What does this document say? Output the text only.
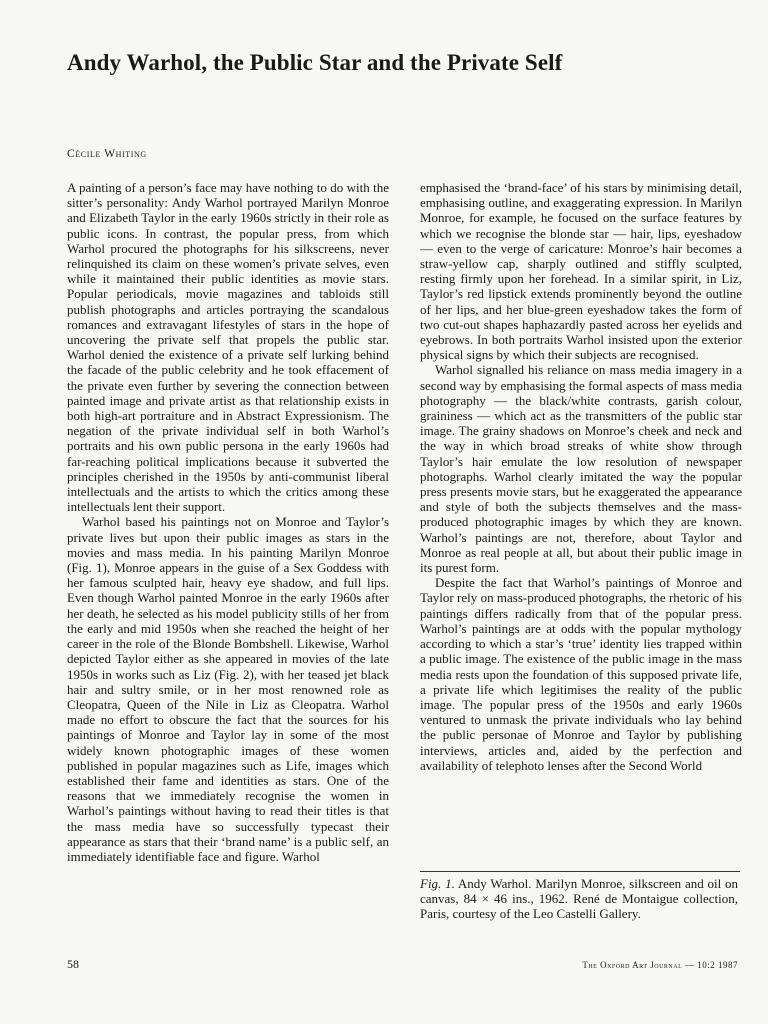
Andy Warhol, the Public Star and the Private Self
Cécile Whiting

A painting of a person’s face may have nothing to do with the sitter’s personality: Andy Warhol portrayed Marilyn Monroe and Elizabeth Taylor in the early 1960s strictly in their role as public icons. In contrast, the popular press, from which Warhol procured the photographs for his silkscreens, never relinquished its claim on these women’s private selves, even while it maintained their public identities as movie stars. Popular periodicals, movie magazines and tabloids still publish photographs and articles portraying the scandalous romances and extravagant lifestyles of stars in the hope of uncovering the private self that propels the public star. Warhol denied the existence of a private self lurking behind the facade of the public celebrity and he took effacement of the private even further by severing the connection between painted image and private artist as that relationship exists in both high-art portraiture and in Abstract Expressionism. The negation of the private individual self in both Warhol’s portraits and his own public persona in the early 1960s had far-reaching political implications because it subverted the principles cherished in the 1950s by anti-communist liberal intellectuals and the artists to which the critics among these intellectuals lent their support.

Warhol based his paintings not on Monroe and Taylor’s private lives but upon their public images as stars in the movies and mass media. In his painting Marilyn Monroe (Fig. 1), Monroe appears in the guise of a Sex Goddess with her famous sculpted hair, heavy eye shadow, and full lips. Even though Warhol painted Monroe in the early 1960s after her death, he selected as his model publicity stills of her from the early and mid 1950s when she reached the height of her career in the role of the Blonde Bombshell. Likewise, Warhol depicted Taylor either as she appeared in movies of the late 1950s in works such as Liz (Fig. 2), with her teased jet black hair and sultry smile, or in her most renowned role as Cleopatra, Queen of the Nile in Liz as Cleopatra. Warhol made no effort to obscure the fact that the sources for his paintings of Monroe and Taylor lay in some of the most widely known photographic images of these women published in popular magazines such as Life, images which established their fame and identities as stars. One of the reasons that we immediately recognise the women in Warhol’s paintings without having to read their titles is that the mass media have so successfully typecast their appearance as stars that their ‘brand name’ is a public self, an immediately identifiable face and figure. Warhol

emphasised the ‘brand-face’ of his stars by minimising detail, emphasising outline, and exaggerating expression. In Marilyn Monroe, for example, he focused on the surface features by which we recognise the blonde star — hair, lips, eyeshadow — even to the verge of caricature: Monroe’s hair becomes a straw-yellow cap, sharply outlined and stiffly sculpted, resting firmly upon her forehead. In a similar spirit, in Liz, Taylor’s red lipstick extends prominently beyond the outline of her lips, and her blue-green eyeshadow takes the form of two cut-out shapes haphazardly pasted across her eyelids and eyebrows. In both portraits Warhol insisted upon the exterior physical signs by which their subjects are recognised.

Warhol signalled his reliance on mass media imagery in a second way by emphasising the formal aspects of mass media photography — the black/white contrasts, garish colour, graininess — which act as the transmitters of the public star image. The grainy shadows on Monroe’s cheek and neck and the way in which broad streaks of white show through Taylor’s hair emulate the low resolution of newspaper photographs. Warhol clearly imitated the way the popular press presents movie stars, but he exaggerated the appearance and style of both the subjects themselves and the mass-produced photographic images by which they are known. Warhol’s paintings are not, therefore, about Taylor and Monroe as real people at all, but about their public image in its purest form.

Despite the fact that Warhol’s paintings of Monroe and Taylor rely on mass-produced photographs, the rhetoric of his paintings differs radically from that of the popular press. Warhol’s paintings are at odds with the popular mythology according to which a star’s ‘true’ identity lies trapped within a public image. The existence of the public image in the mass media rests upon the foundation of this supposed private life, a private life which legitimises the reality of the public image. The popular press of the 1950s and early 1960s ventured to unmask the private individuals who lay behind the public personae of Monroe and Taylor by publishing interviews, articles and, aided by the perfection and availability of telephoto lenses after the Second World

Fig. 1. Andy Warhol. Marilyn Monroe, silkscreen and oil on canvas, 84 × 46 ins., 1962. René de Montaigue collection, Paris, courtesy of the Leo Castelli Gallery.
58	The Oxford Art Journal — 10:2 1987
